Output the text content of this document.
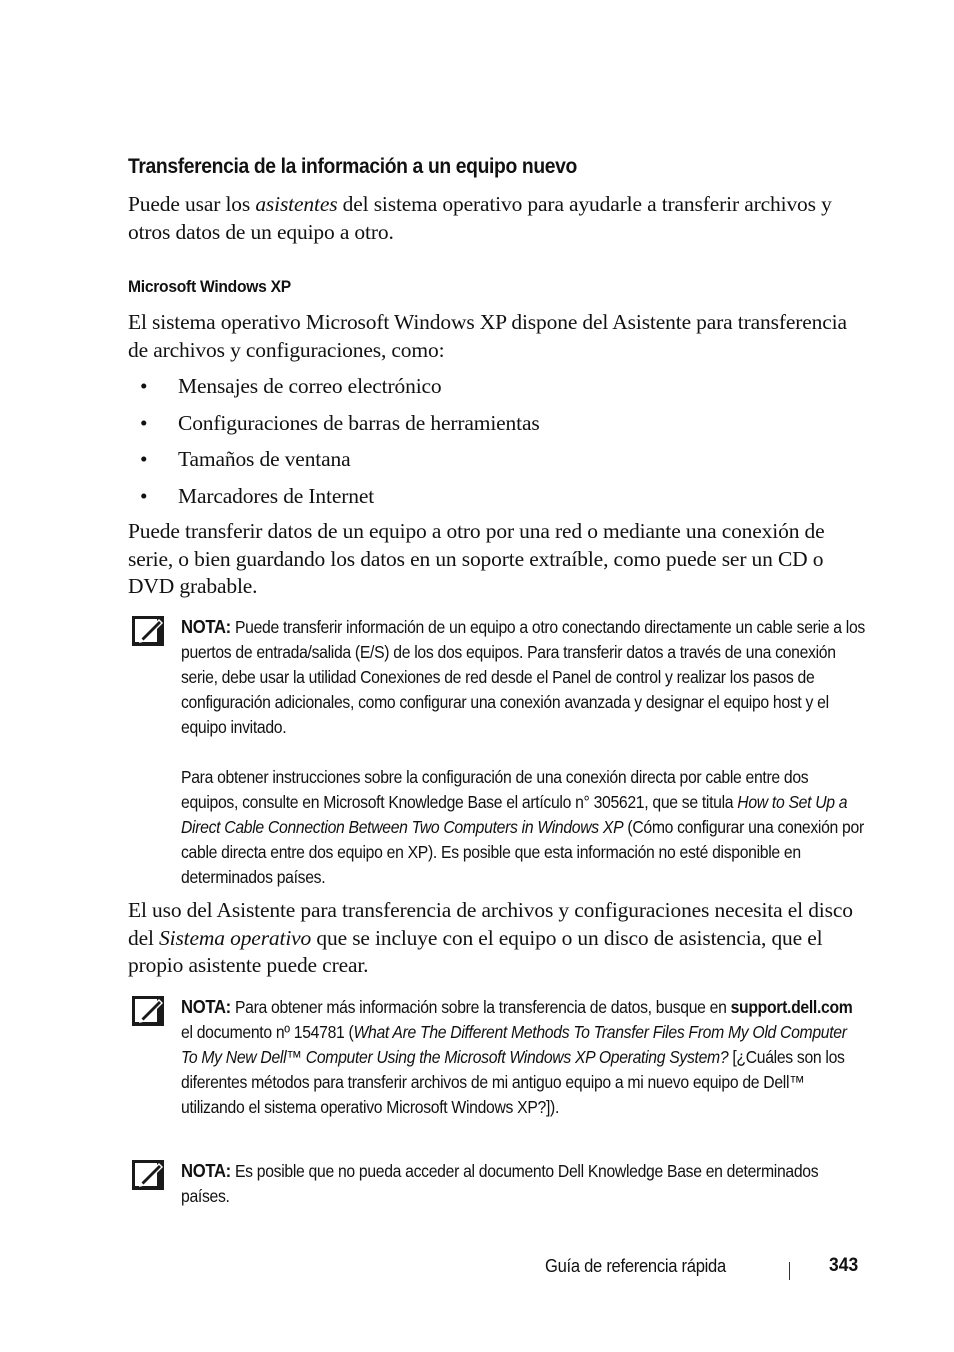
Transferencia de la información a un equipo nuevo
Puede usar los asistentes del sistema operativo para ayudarle a transferir archivos y otros datos de un equipo a otro.
Microsoft Windows XP
El sistema operativo Microsoft Windows XP dispone del Asistente para transferencia de archivos y configuraciones, como:
• Mensajes de correo electrónico
• Configuraciones de barras de herramientas
• Tamaños de ventana
• Marcadores de Internet
Puede transferir datos de un equipo a otro por una red o mediante una conexión de serie, o bien guardando los datos en un soporte extraíble, como puede ser un CD o DVD grabable.
NOTA: Puede transferir información de un equipo a otro conectando directamente un cable serie a los puertos de entrada/salida (E/S) de los dos equipos. Para transferir datos a través de una conexión serie, debe usar la utilidad Conexiones de red desde el Panel de control y realizar los pasos de configuración adicionales, como configurar una conexión avanzada y designar el equipo host y el equipo invitado.
Para obtener instrucciones sobre la configuración de una conexión directa por cable entre dos equipos, consulte en Microsoft Knowledge Base el artículo n° 305621, que se titula How to Set Up a Direct Cable Connection Between Two Computers in Windows XP (Cómo configurar una conexión por cable directa entre dos equipo en XP). Es posible que esta información no esté disponible en determinados países.
El uso del Asistente para transferencia de archivos y configuraciones necesita el disco del Sistema operativo que se incluye con el equipo o un disco de asistencia, que el propio asistente puede crear.
NOTA: Para obtener más información sobre la transferencia de datos, busque en support.dell.com el documento nº 154781 (What Are The Different Methods To Transfer Files From My Old Computer To My New Dell™ Computer Using the Microsoft Windows XP Operating System? [¿Cuáles son los diferentes métodos para transferir archivos de mi antiguo equipo a mi nuevo equipo de Dell™ utilizando el sistema operativo Microsoft Windows XP?]).
NOTA: Es posible que no pueda acceder al documento Dell Knowledge Base en determinados países.
Guía de referencia rápida	343
